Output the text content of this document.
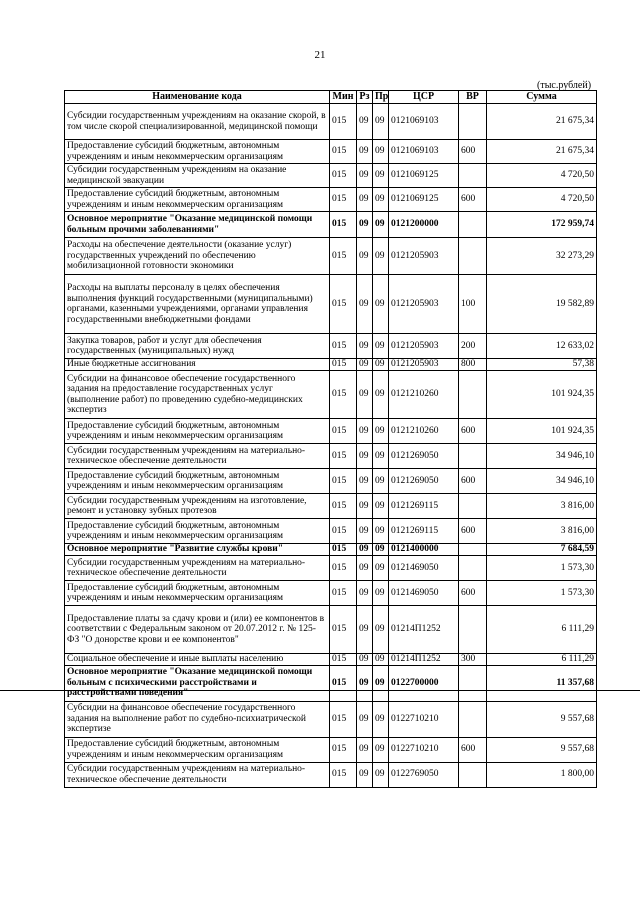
21
(тыс.рублей)
Наименование кода	Мин	Рз	Пр	ЦСР	ВР	Сумма
Субсидии государственным учреждениям на оказание скорой, в том числе скорой специализированной, медицинской помощи	015	09	09	0121069103		21 675,34
Предоставление субсидий бюджетным, автономным учреждениям и иным некоммерческим организациям	015	09	09	0121069103	600	21 675,34
Субсидии государственным учреждениям на оказание медицинской эвакуации	015	09	09	0121069125		4 720,50
Предоставление субсидий бюджетным, автономным учреждениям и иным некоммерческим организациям	015	09	09	0121069125	600	4 720,50
Основное мероприятие "Оказание медицинской помощи больным прочими заболеваниями"	015	09	09	0121200000		172 959,74
Расходы на обеспечение деятельности (оказание услуг) государственных учреждений по обеспечению мобилизационной готовности экономики	015	09	09	0121205903		32 273,29
Расходы на выплаты персоналу в целях обеспечения выполнения функций государственными (муниципальными) органами, казенными учреждениями, органами управления государственными внебюджетными фондами	015	09	09	0121205903	100	19 582,89
Закупка товаров, работ и услуг для обеспечения государственных (муниципальных) нужд	015	09	09	0121205903	200	12 633,02
Иные бюджетные ассигнования	015	09	09	0121205903	800	57,38
Субсидии на финансовое обеспечение государственного задания на предоставление государственных услуг (выполнение работ) по проведению судебно-медицинских экспертиз	015	09	09	0121210260		101 924,35
Предоставление субсидий бюджетным, автономным учреждениям и иным некоммерческим организациям	015	09	09	0121210260	600	101 924,35
Субсидии государственным учреждениям на материально-техническое обеспечение деятельности	015	09	09	0121269050		34 946,10
Предоставление субсидий бюджетным, автономным учреждениям и иным некоммерческим организациям	015	09	09	0121269050	600	34 946,10
Субсидии государственным учреждениям на изготовление, ремонт и установку зубных протезов	015	09	09	0121269115		3 816,00
Предоставление субсидий бюджетным, автономным учреждениям и иным некоммерческим организациям	015	09	09	0121269115	600	3 816,00
Основное мероприятие "Развитие службы крови"	015	09	09	0121400000		7 684,59
Субсидии государственным учреждениям на материально-техническое обеспечение деятельности	015	09	09	0121469050		1 573,30
Предоставление субсидий бюджетным, автономным учреждениям и иным некоммерческим организациям	015	09	09	0121469050	600	1 573,30
Предоставление платы за сдачу крови и (или) ее компонентов в соответствии с Федеральным законом от 20.07.2012 г. № 125-ФЗ "О донорстве крови и ее компонентов"	015	09	09	01214П1252		6 111,29
Социальное обеспечение и иные выплаты населению	015	09	09	01214П1252	300	6 111,29
Основное мероприятие "Оказание медицинской помощи больным с психическими расстройствами и расстройствами поведения"	015	09	09	0122700000		11 357,68
Субсидии на финансовое обеспечение государственного задания на выполнение работ по судебно-психиатрической экспертизе	015	09	09	0122710210		9 557,68
Предоставление субсидий бюджетным, автономным учреждениям и иным некоммерческим организациям	015	09	09	0122710210	600	9 557,68
Субсидии государственным учреждениям на материально-техническое обеспечение деятельности	015	09	09	0122769050		1 800,00
